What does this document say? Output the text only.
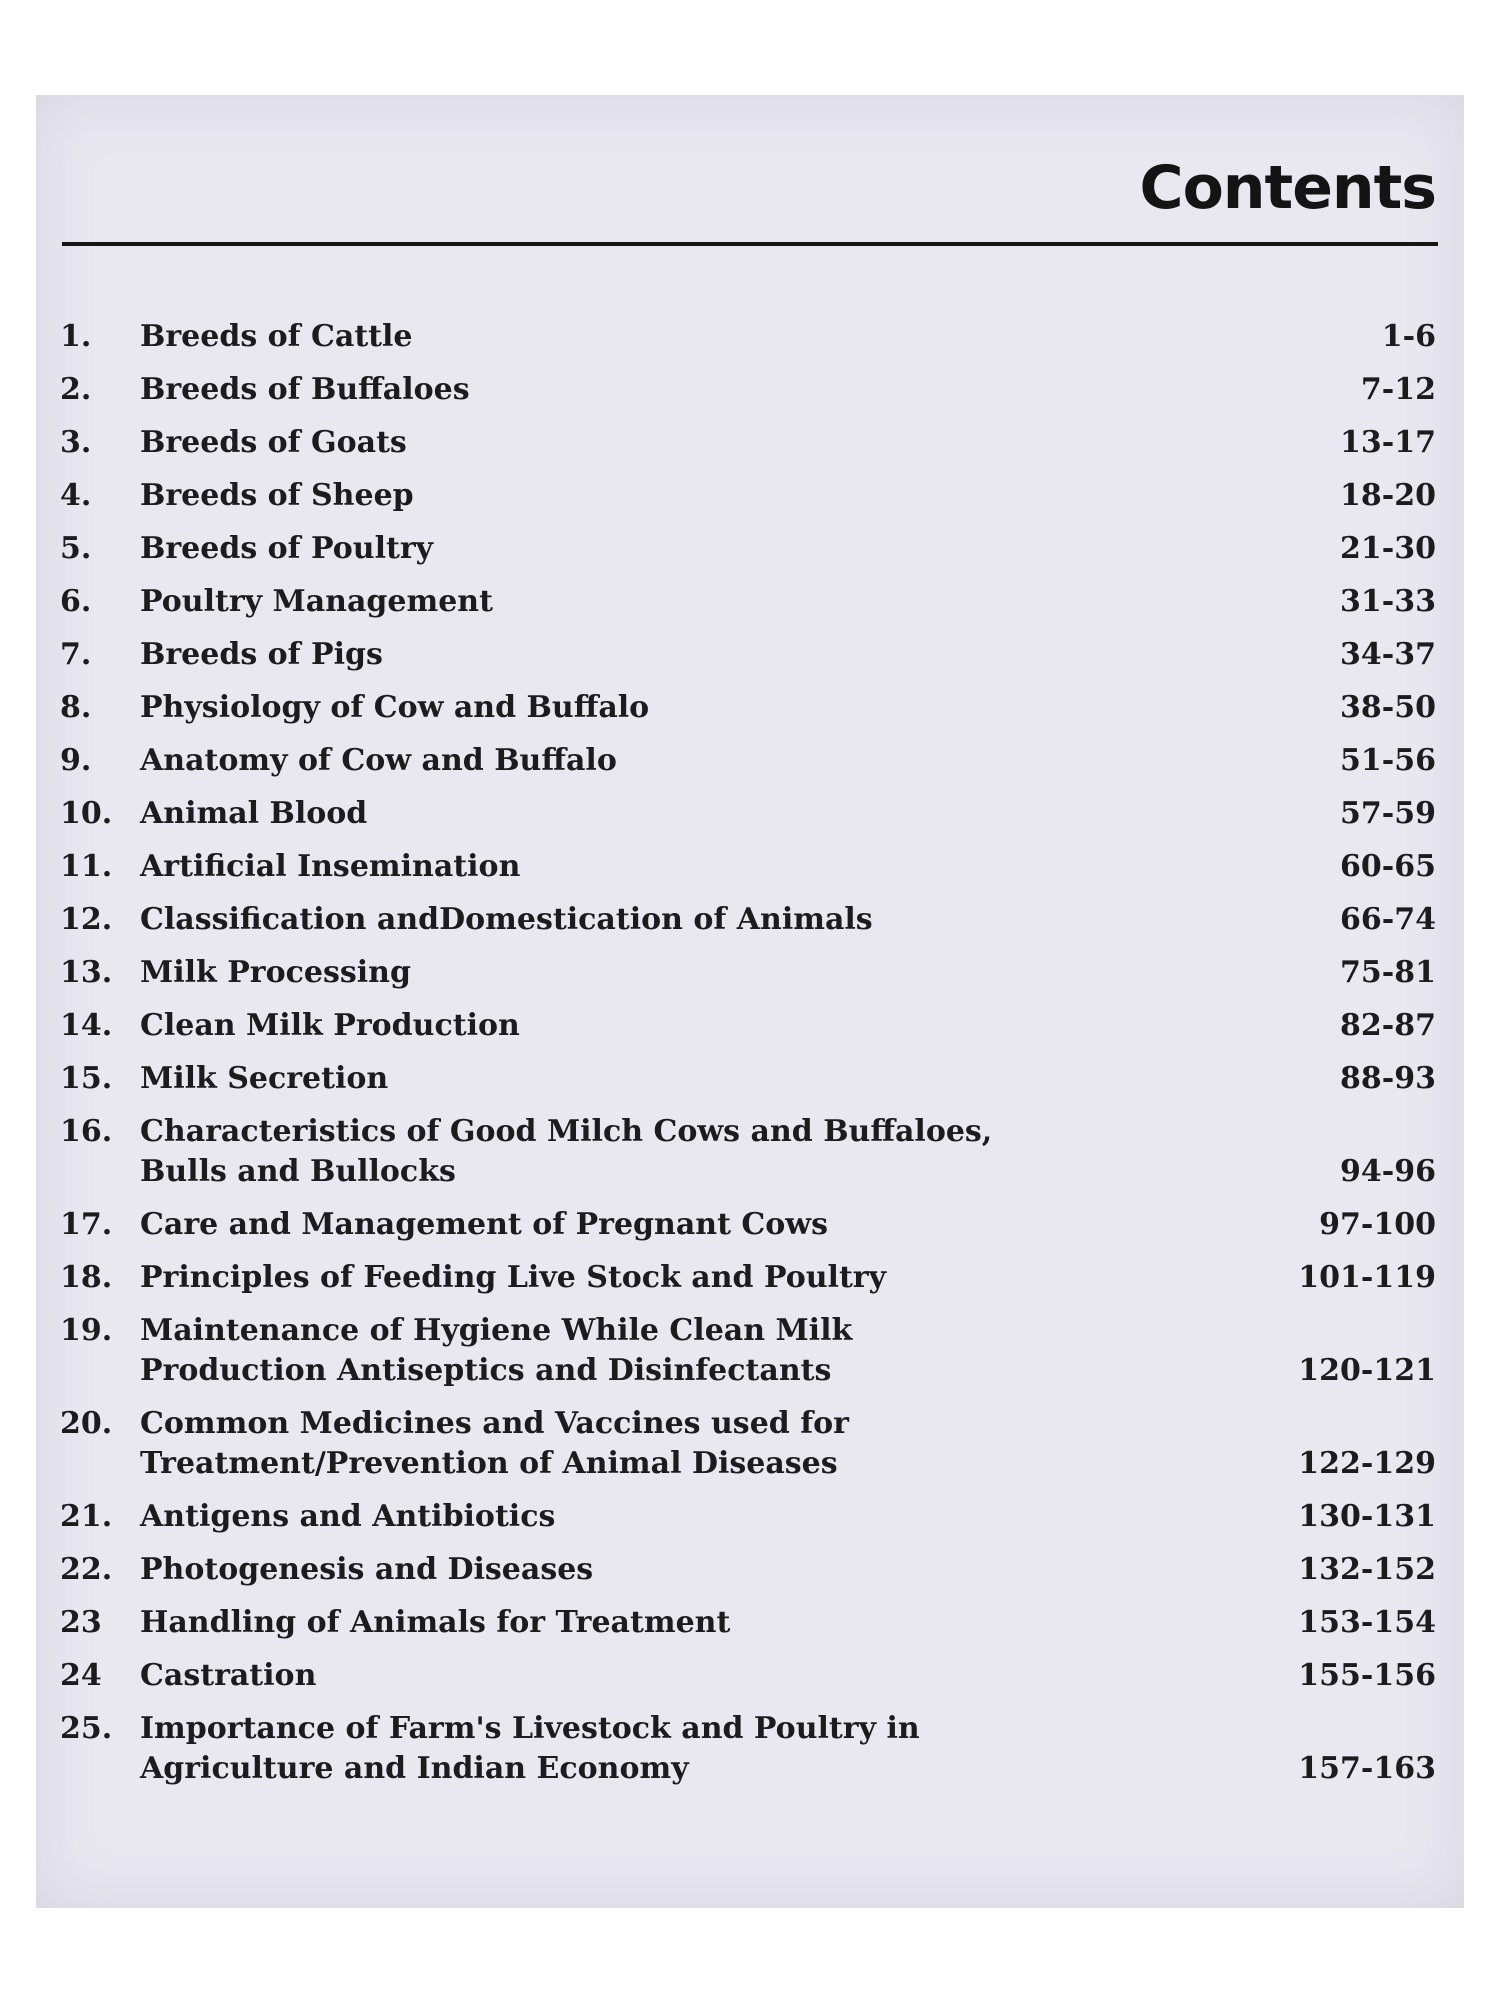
Contents
1.	Breeds of Cattle	1-6
2.	Breeds of Buffaloes	7-12
3.	Breeds of Goats	13-17
4.	Breeds of Sheep	18-20
5.	Breeds of Poultry	21-30
6.	Poultry Management	31-33
7.	Breeds of Pigs	34-37
8.	Physiology of Cow and Buffalo	38-50
9.	Anatomy of Cow and Buffalo	51-56
10. Animal Blood	57-59
11. Artificial Insemination	60-65
12. Classification andDomestication of Animals	66-74
13. Milk Processing	75-81
14. Clean Milk Production	82-87
15. Milk Secretion	88-93
16. Characteristics of Good Milch Cows and Buffaloes,
Bulls and Bullocks	94-96
17. Care and Management of Pregnant Cows	97-100
18. Principles of Feeding Live Stock and Poultry	101-119
19. Maintenance of Hygiene While Clean Milk
Production Antiseptics and Disinfectants	120-121
20. Common Medicines and Vaccines used for
Treatment/Prevention of Animal Diseases	122-129
21. Antigens and Antibiotics	130-131
22. Photogenesis and Diseases	132-152
23	Handling of Animals for Treatment	153-154
24	Castration	155-156
25. Importance of Farm's Livestock and Poultry in
Agriculture and Indian Economy	157-163
